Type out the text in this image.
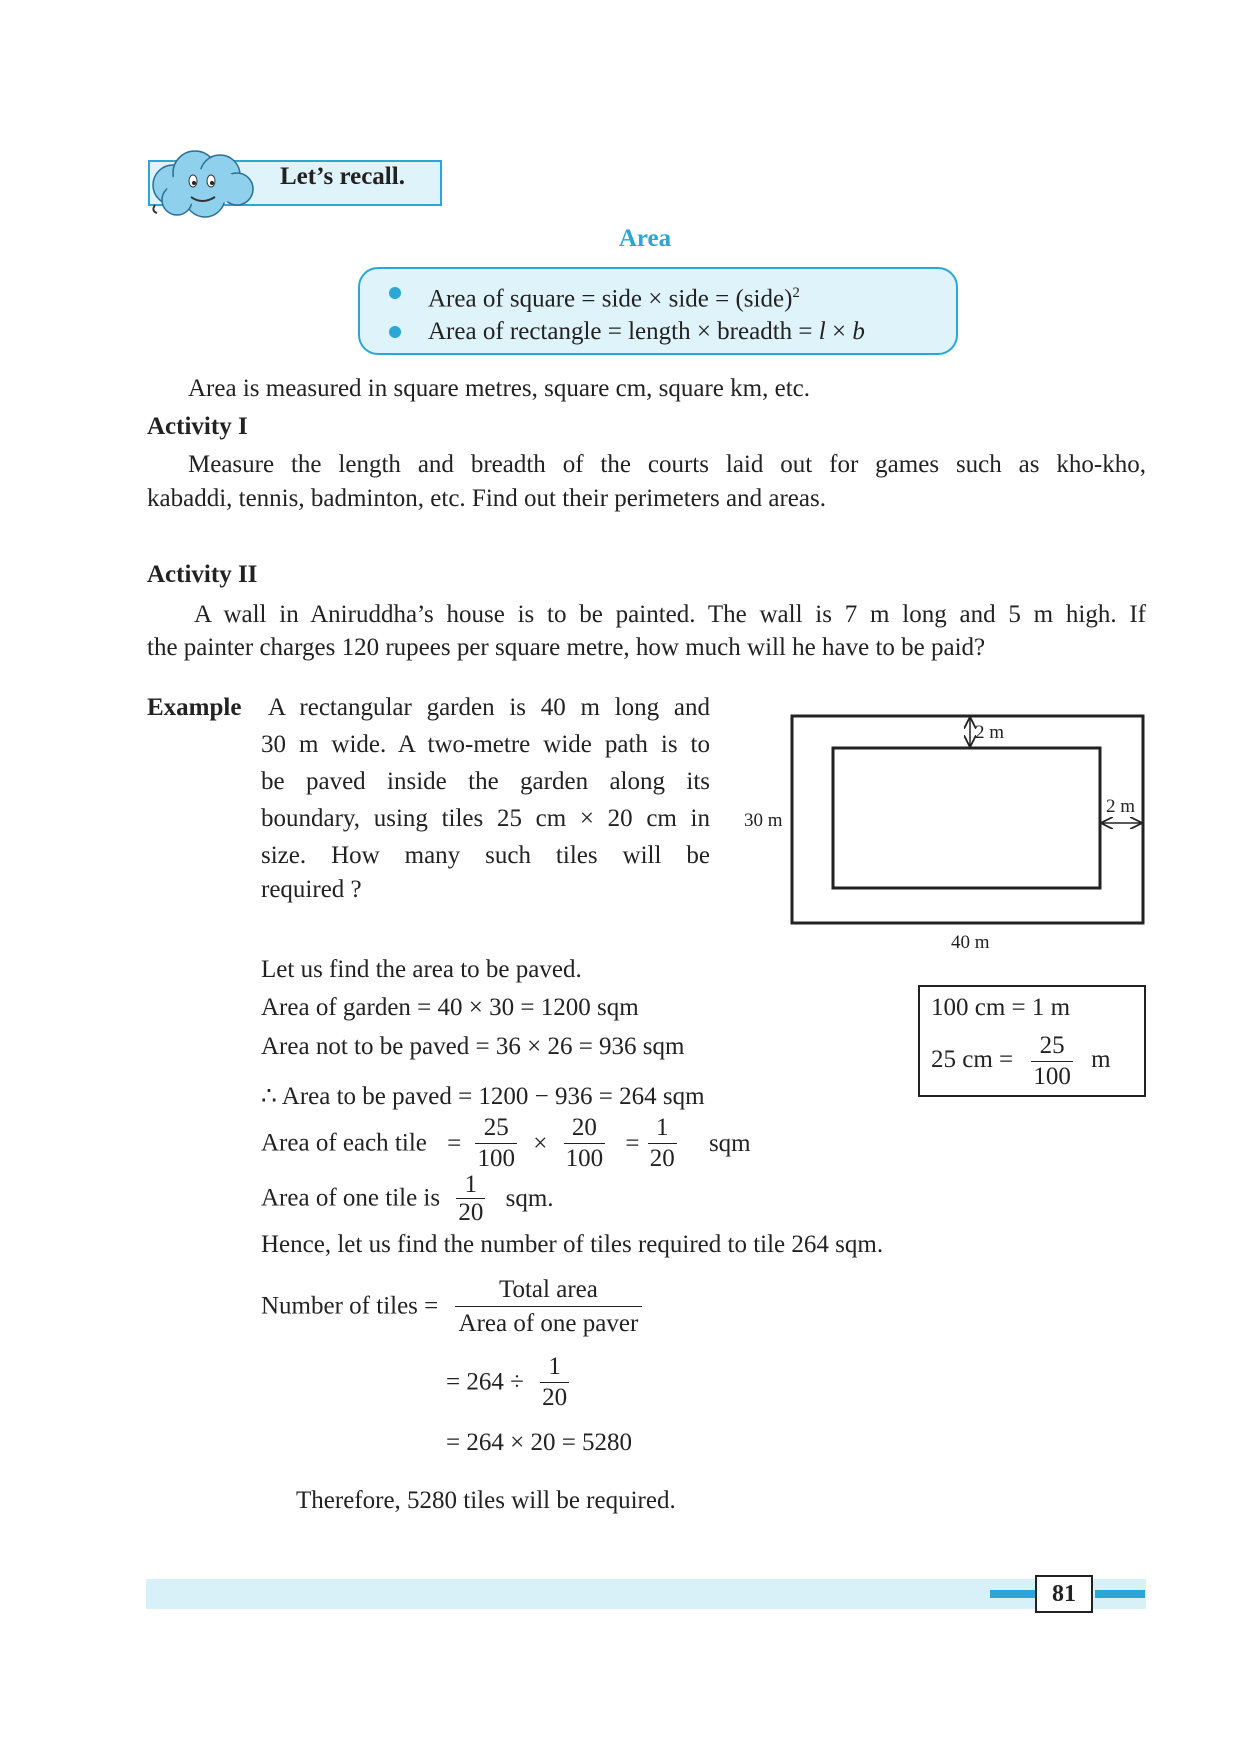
Let’s recall.
Area
Area of square = side × side = (side)$^2$
Area of rectangle = length × breadth = l × b
Area is measured in square metres, square cm, square km, etc.
Activity I
Measure the length and breadth of the courts laid out for games such as kho-kho,
kabaddi, tennis, badminton, etc. Find out their perimeters and areas.
Activity II
A wall in Aniruddha’s house is to be painted. The wall is 7 m long and 5 m high. If
the painter charges 120 rupees per square metre, how much will he have to be paid?
Example A rectangular garden is 40 m long and
30 m wide. A two-metre wide path is to
be paved inside the garden along its
boundary, using tiles 25 cm × 20 cm in
size. How many such tiles will be
required ?
2 m
2 m
30 m
40 m
100 cm = 1 m
25 cm = $\frac{25}{100}$ m
Let us find the area to be paved.
Area of garden = 40 × 30 = 1200 sqm
Area not to be paved = 36 × 26 = 936 sqm
∴ Area to be paved = 1200 − 936 = 264 sqm
Area of each tile = $\frac{25}{100} \times \frac{20}{100} = \frac{1}{20}$ sqm
Area of one tile is $\frac{1}{20}$ sqm.
Hence, let us find the number of tiles required to tile 264 sqm.
Number of tiles = $\frac{\text{Total area}}{\text{Area of one paver}}$
= $264 \div \frac{1}{20}$
= 264 × 20 = 5280
Therefore, 5280 tiles will be required.
81
